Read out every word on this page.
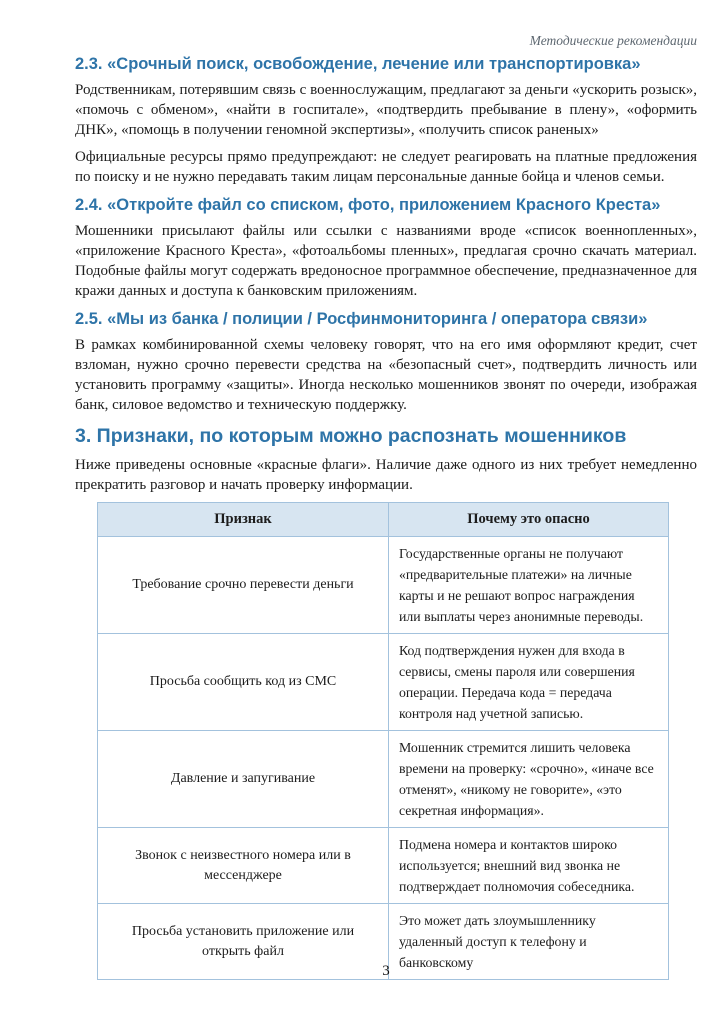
Методические рекомендации
2.3. «Срочный поиск, освобождение, лечение или транспортировка»

Родственникам, потерявшим связь с военнослужащим, предлагают за деньги «ускорить розыск», «помочь с обменом», «найти в госпитале», «подтвердить пребывание в плену», «оформить ДНК», «помощь в получении геномной экспертизы», «получить список раненых»

Официальные ресурсы прямо предупреждают: не следует реагировать на платные предложения по поиску и не нужно передавать таким лицам персональные данные бойца и членов семьи.

2.4. «Откройте файл со списком, фото, приложением Красного Креста»

Мошенники присылают файлы или ссылки с названиями вроде «список военнопленных», «приложение Красного Креста», «фотоальбомы пленных», предлагая срочно скачать материал. Подобные файлы могут содержать вредоносное программное обеспечение, предназначенное для кражи данных и доступа к банковским приложениям.

2.5. «Мы из банка / полиции / Росфинмониторинга / оператора связи»

В рамках комбинированной схемы человеку говорят, что на его имя оформляют кредит, счет взломан, нужно срочно перевести средства на «безопасный счет», подтвердить личность или установить программу «защиты». Иногда несколько мошенников звонят по очереди, изображая банк, силовое ведомство и техническую поддержку.

3. Признаки, по которым можно распознать мошенников

Ниже приведены основные «красные флаги». Наличие даже одного из них требует немедленно прекратить разговор и начать проверку информации.

Признак	Почему это опасно
Требование срочно перевести деньги	Государственные органы не получают «предварительные платежи» на личные карты и не решают вопрос награждения или выплаты через анонимные переводы.
Просьба сообщить код из СМС	Код подтверждения нужен для входа в сервисы, смены пароля или совершения операции. Передача кода = передача контроля над учетной записью.
Давление и запугивание	Мошенник стремится лишить человека времени на проверку: «срочно», «иначе все отменят», «никому не говорите», «это секретная информация».
Звонок с неизвестного номера или в мессенджере	Подмена номера и контактов широко используется; внешний вид звонка не подтверждает полномочия собеседника.
Просьба установить приложение или открыть файл	Это может дать злоумышленнику удаленный доступ к телефону и банковскому
3
